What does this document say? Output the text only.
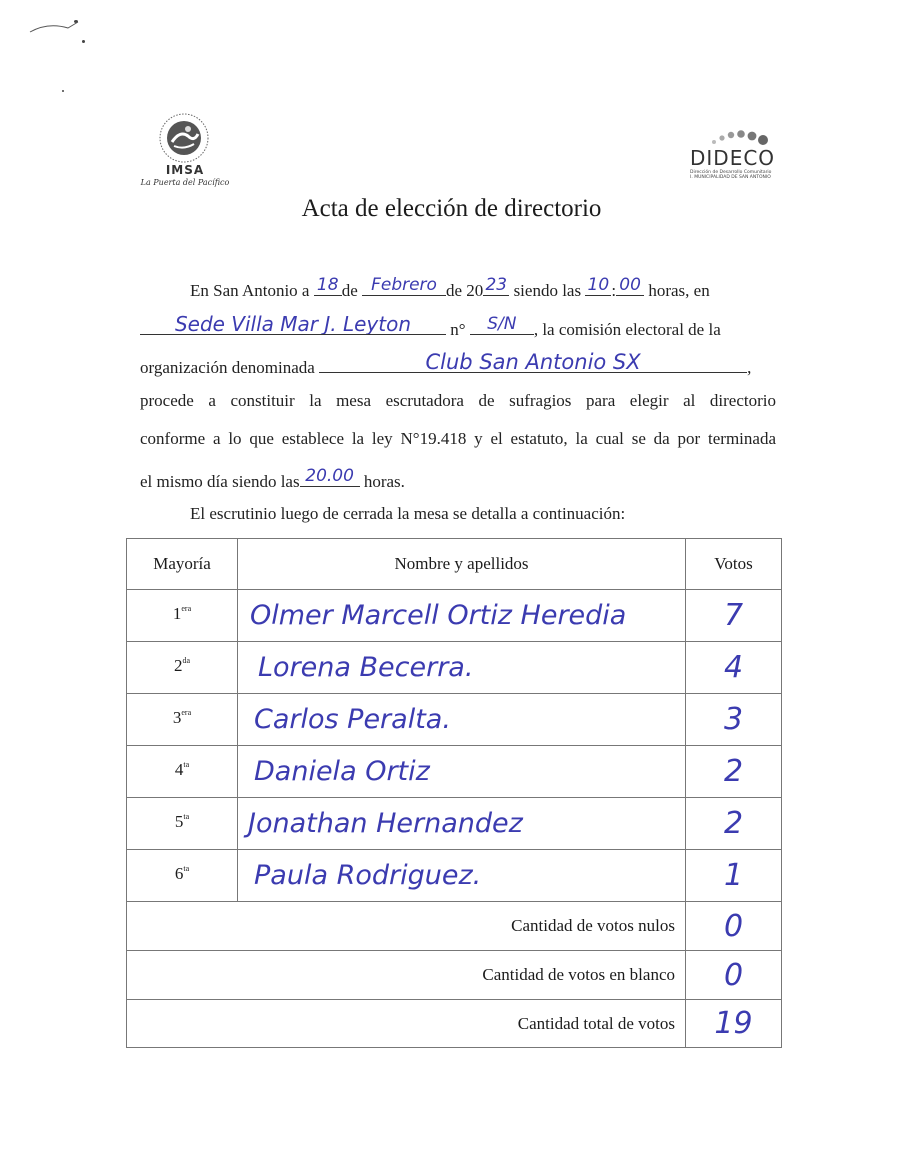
IMSA
La Puerta del Pacífico
DIDECO
Dirección de Desarrollo Comunitario
I. MUNICIPALIDAD DE SAN ANTONIO
Acta de elección de directorio
En San Antonio a 18 de Febrero de 20 23 siendo las 10 : 00 horas, en
Sede Villa Mar J. Leyton n° S/N , la comisión electoral de la
organización denominada	Club San Antonio SX	,
procede a constituir la mesa escrutadora de sufragios para elegir al directorio
conforme a lo que establece la ley N°19.418 y el estatuto, la cual se da por terminada
el mismo día siendo las 20.00 horas.
El escrutinio luego de cerrada la mesa se detalla a continuación:
Mayoría	Nombre y apellidos	Votos
$1^{era}$	Olmer Marcell Ortiz Heredia	7
$2^{da}$	Lorena Becerra.	4
$3^{era}$	Carlos Peralta.	3
$4^{ta}$	Daniela Ortiz	2
$5^{ta}$	Jonathan Hernandez	2
$6^{ta}$	Paula Rodriguez.	1
Cantidad de votos nulos	0
Cantidad de votos en blanco	0
Cantidad total de votos	19
